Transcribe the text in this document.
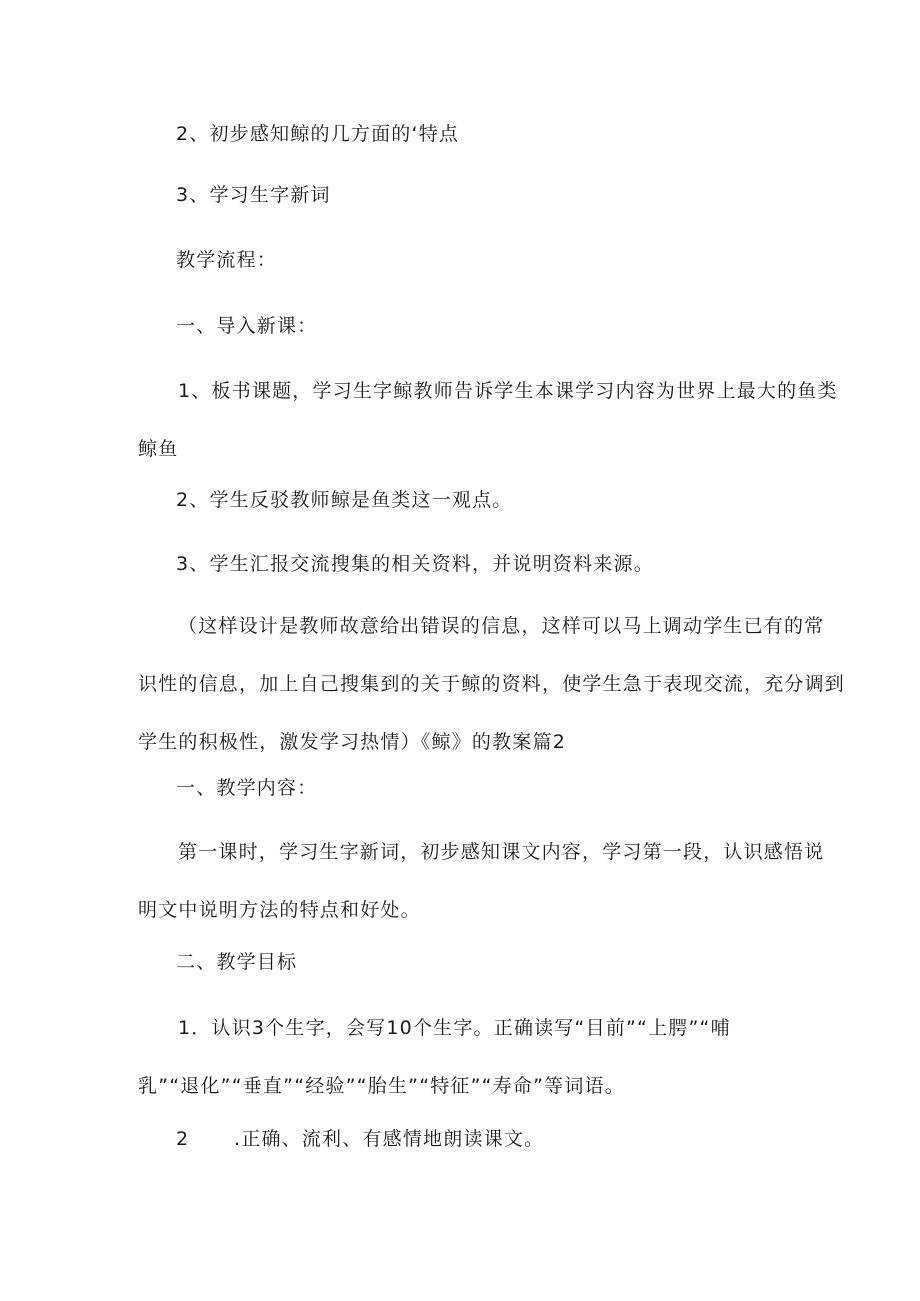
2、初步感知鲸的几方面的‘特点
3、学习生字新词
教学流程：
一、导入新课：
1、板书课题，学习生字鲸教师告诉学生本课学习内容为世界上最大的鱼类
鲸鱼
2、学生反驳教师鲸是鱼类这一观点。
3、学生汇报交流搜集的相关资料，并说明资料来源。
（这样设计是教师故意给出错误的信息，这样可以马上调动学生已有的常
识性的信息，加上自己搜集到的关于鲸的资料，使学生急于表现交流，充分调到
学生的积极性，激发学习热情）《鲸》的教案篇2
一、教学内容：
第一课时，学习生字新词，初步感知课文内容，学习第一段，认识感悟说
明文中说明方法的特点和好处。
二、教学目标
1．认识3个生字，会写10个生字。正确读写“目前”“上腭”“哺
乳”“退化”“垂直”“经验”“胎生”“特征”“寿命”等词语。
2 .正确、流利、有感情地朗读课文。
